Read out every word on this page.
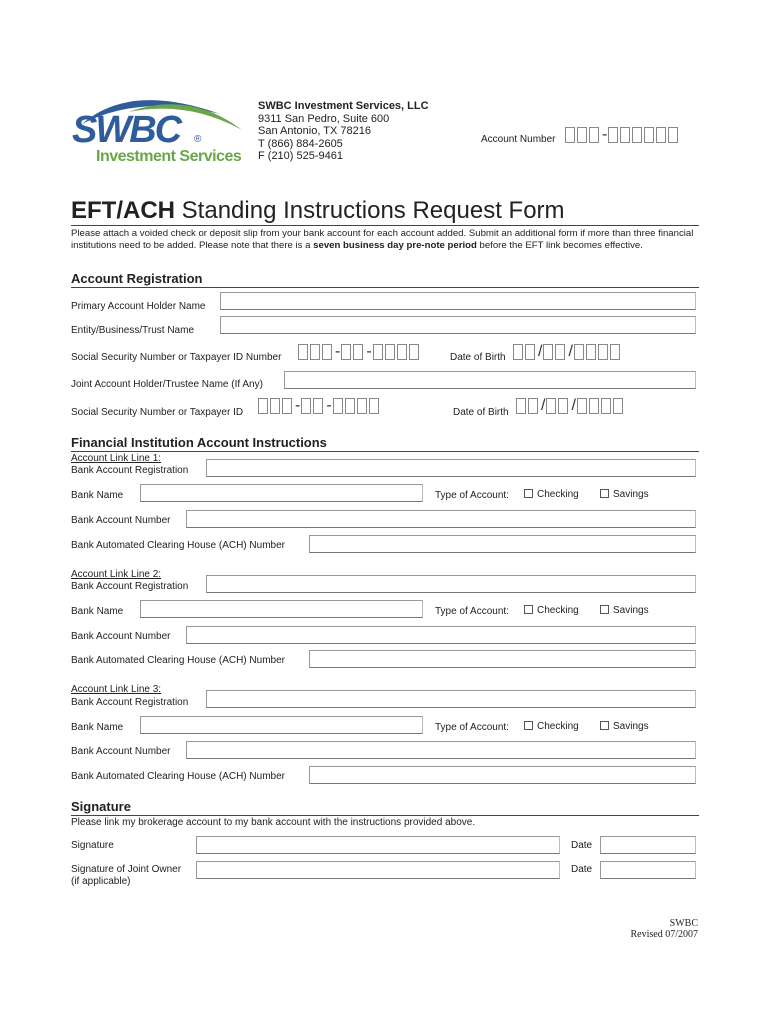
SWBC ®
Investment Services
SWBC Investment Services, LLC
9311 San Pedro, Suite 600
San Antonio, TX 78216
T (866) 884-2605
F (210) 525-9461
Account Number	-
EFT/ACH Standing Instructions Request Form
Please attach a voided check or deposit slip from your bank account for each account added. Submit an additional form if more than three financial institutions need to be added. Please note that there is a seven business day pre-note period before the EFT link becomes effective.
Account Registration
Primary Account Holder Name
Entity/Business/Trust Name
Social Security Number or Taxpayer ID Number	- -	Date of Birth / /
Joint Account Holder/Trustee Name (If Any)
Social Security Number or Taxpayer ID	- -	Date of Birth / /
Financial Institution Account Instructions
Account Link Line 1:
Bank Account Registration
Bank Name	Type of Account:	Checking	Savings
Bank Account Number
Bank Automated Clearing House (ACH) Number
Account Link Line 2:
Bank Account Registration
Bank Name	Type of Account:	Checking	Savings
Bank Account Number
Bank Automated Clearing House (ACH) Number
Account Link Line 3:
Bank Account Registration
Bank Name	Type of Account:	Checking	Savings
Bank Account Number
Bank Automated Clearing House (ACH) Number
Signature
Please link my brokerage account to my bank account with the instructions provided above.
Signature	Date
Signature of Joint Owner
(if applicable)
Date
SWBC
Revised 07/2007
